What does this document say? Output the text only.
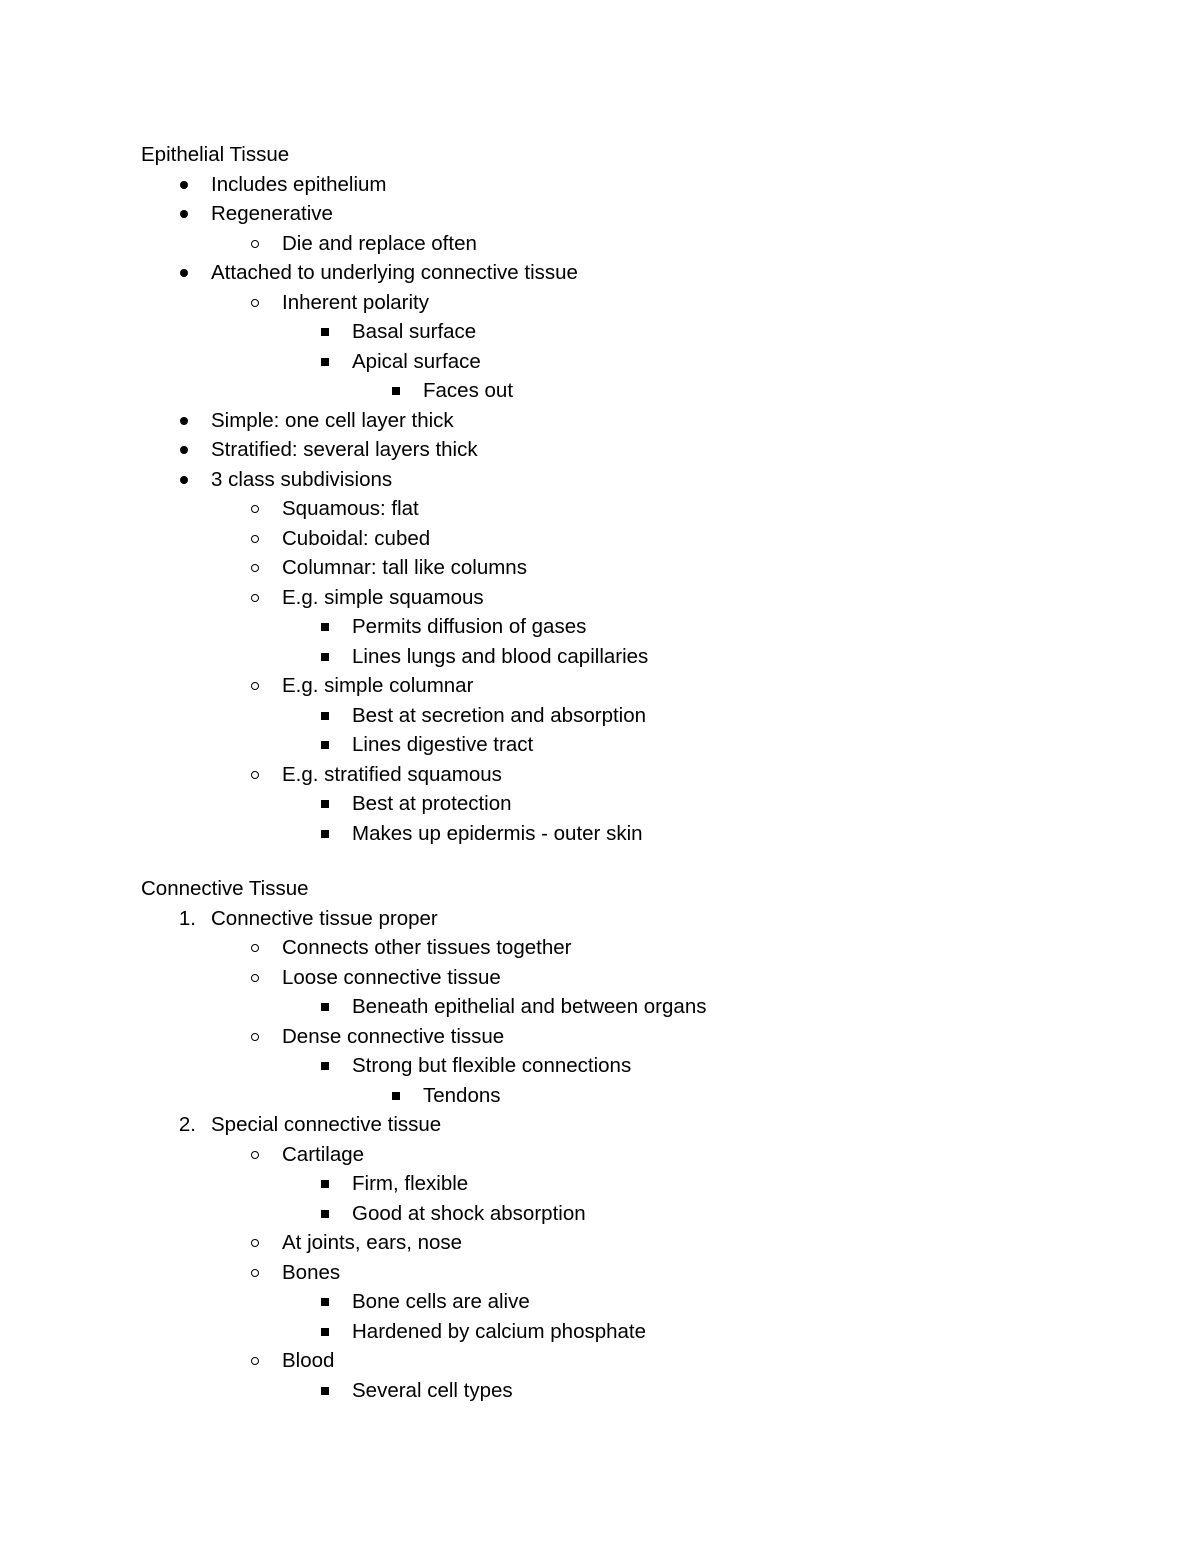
Epithelial Tissue
Includes epithelium
Regenerative
Die and replace often
Attached to underlying connective tissue
Inherent polarity
Basal surface
Apical surface
Faces out
Simple: one cell layer thick
Stratified: several layers thick
3 class subdivisions
Squamous: flat
Cuboidal: cubed
Columnar: tall like columns
E.g. simple squamous
Permits diffusion of gases
Lines lungs and blood capillaries
E.g. simple columnar
Best at secretion and absorption
Lines digestive tract
E.g. stratified squamous
Best at protection
Makes up epidermis - outer skin
Connective Tissue
1. Connective tissue proper
Connects other tissues together
Loose connective tissue
Beneath epithelial and between organs
Dense connective tissue
Strong but flexible connections
Tendons
2. Special connective tissue
Cartilage
Firm, flexible
Good at shock absorption
At joints, ears, nose
Bones
Bone cells are alive
Hardened by calcium phosphate
Blood
Several cell types
